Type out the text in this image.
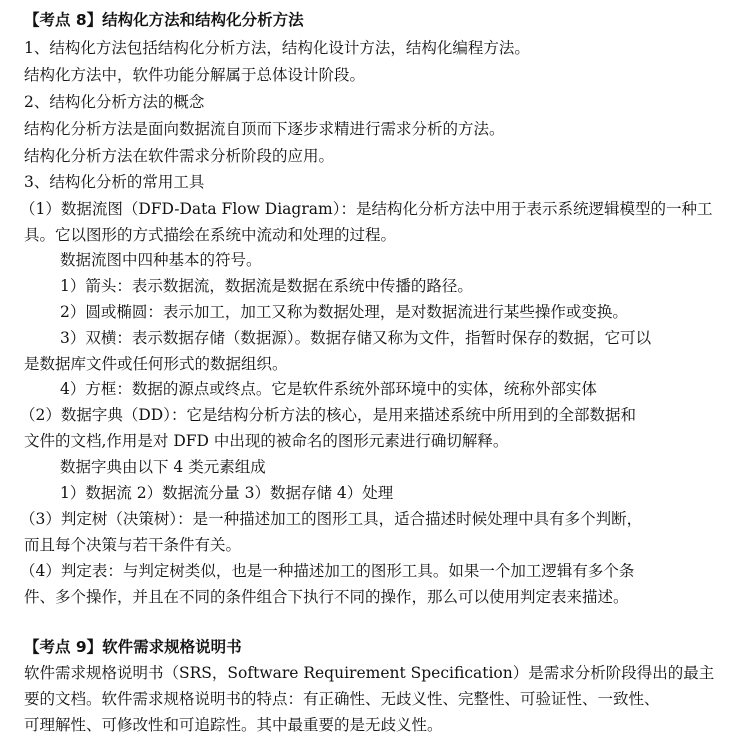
【考点 8】结构化方法和结构化分析方法
1、结构化方法包括结构化分析方法，结构化设计方法，结构化编程方法。
结构化方法中，软件功能分解属于总体设计阶段。
2、结构化分析方法的概念
结构化分析方法是面向数据流自顶而下逐步求精进行需求分析的方法。
结构化分析方法在软件需求分析阶段的应用。
3、结构化分析的常用工具
（1）数据流图（DFD-Data Flow Diagram）：是结构化分析方法中用于表示系统逻辑模型的一种工
具。它以图形的方式描绘在系统中流动和处理的过程。
数据流图中四种基本的符号。
1）箭头：表示数据流，数据流是数据在系统中传播的路径。
2）圆或椭圆：表示加工，加工又称为数据处理，是对数据流进行某些操作或变换。
3）双横：表示数据存储（数据源）。数据存储又称为文件，指暂时保存的数据，它可以
是数据库文件或任何形式的数据组织。
4）方框：数据的源点或终点。它是软件系统外部环境中的实体，统称外部实体
（2）数据字典（DD）：它是结构分析方法的核心，是用来描述系统中所用到的全部数据和
文件的文档,作用是对 DFD 中出现的被命名的图形元素进行确切解释。
数据字典由以下 4 类元素组成
1）数据流 2）数据流分量 3）数据存储 4）处理
（3）判定树（决策树）：是一种描述加工的图形工具，适合描述时候处理中具有多个判断，
而且每个决策与若干条件有关。
（4）判定表：与判定树类似，也是一种描述加工的图形工具。如果一个加工逻辑有多个条
件、多个操作，并且在不同的条件组合下执行不同的操作，那么可以使用判定表来描述。
【考点 9】软件需求规格说明书
软件需求规格说明书（SRS，Software Requirement Specification）是需求分析阶段得出的最主
要的文档。软件需求规格说明书的特点：有正确性、无歧义性、完整性、可验证性、一致性、
可理解性、可修改性和可追踪性。其中最重要的是无歧义性。
